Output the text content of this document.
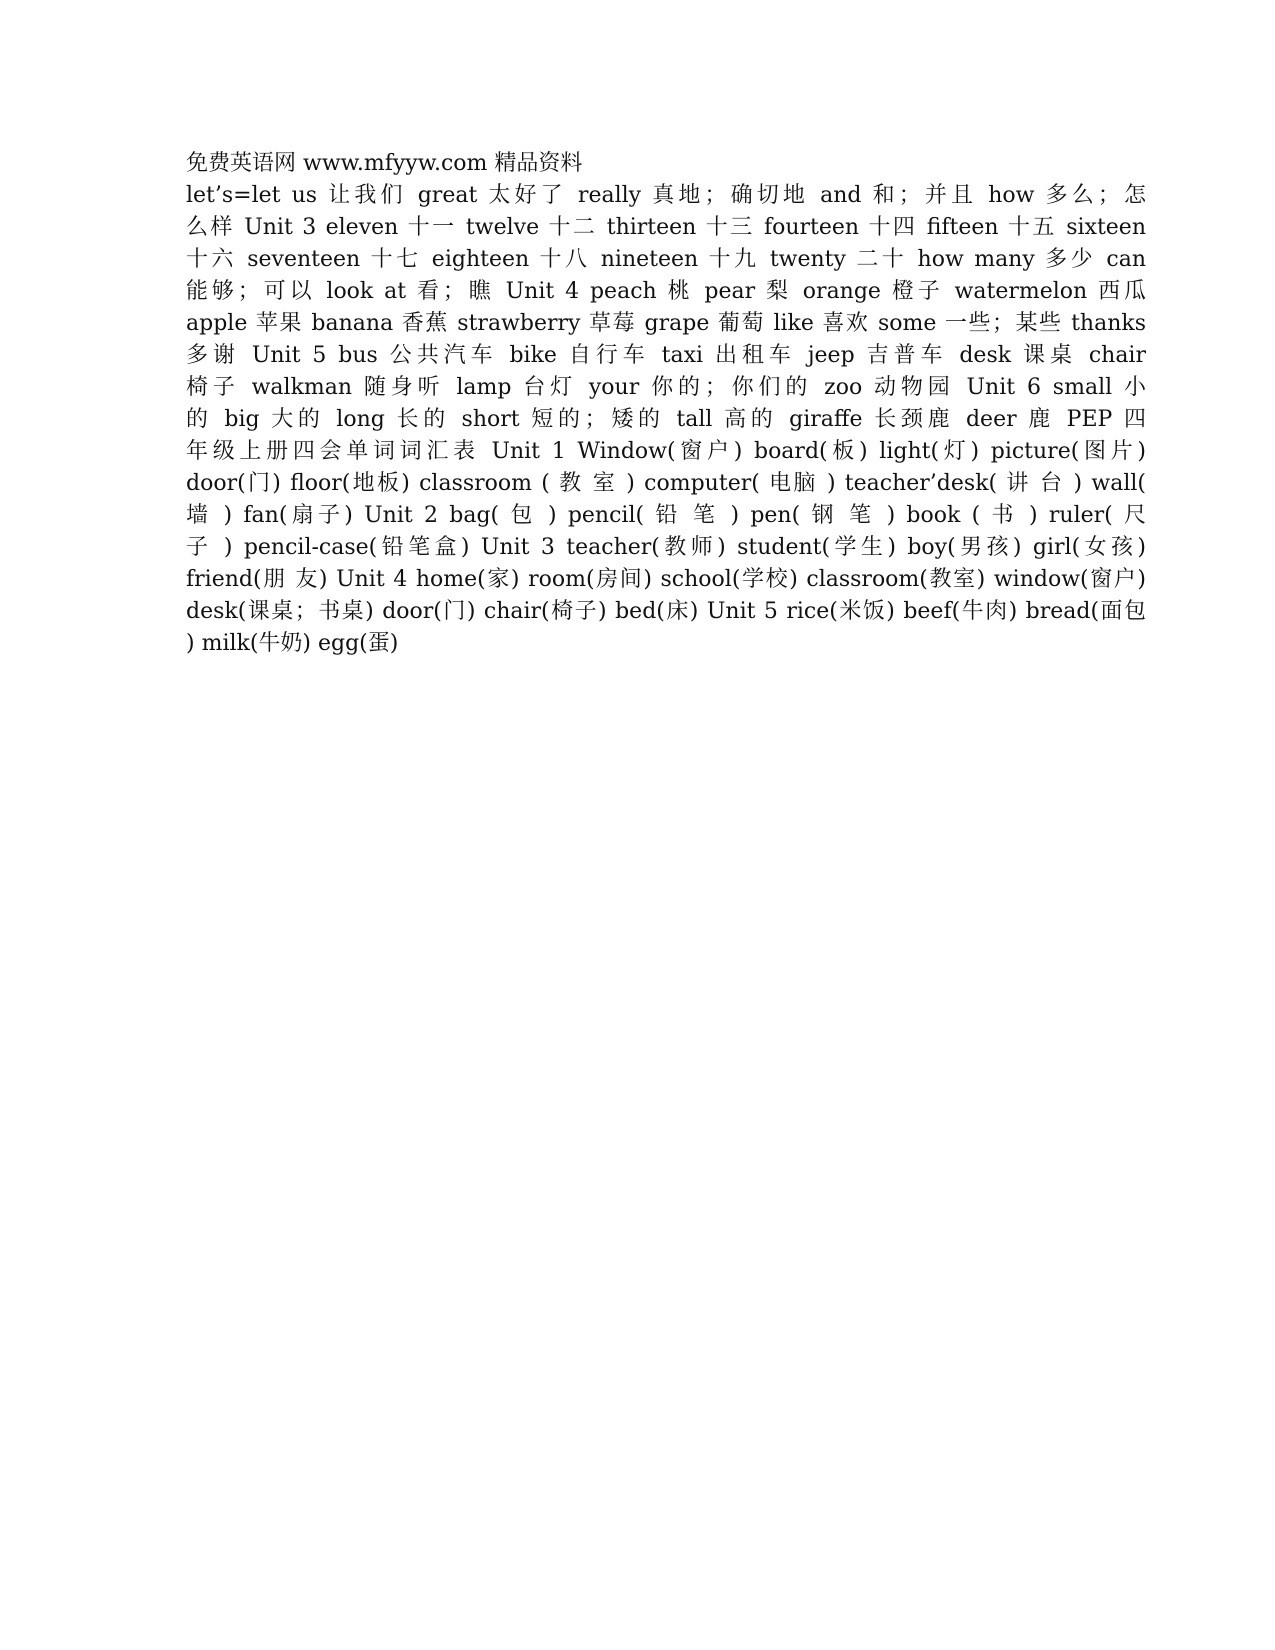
免费英语网 www.mfyyw.com 精品资料
let’s=let us 让我们 great 太好了 really 真地；确切地 and 和；并且 how 多么；怎
么样 Unit 3 eleven 十一 twelve 十二 thirteen 十三 fourteen 十四 fifteen 十五 sixteen
十六 seventeen 十七 eighteen 十八 nineteen 十九 twenty 二十 how many 多少 can
能够；可以 look at 看；瞧 Unit 4 peach 桃 pear 梨 orange 橙子 watermelon 西瓜
apple 苹果 banana 香蕉 strawberry 草莓 grape 葡萄 like 喜欢 some 一些；某些 thanks
多谢 Unit 5 bus 公共汽车 bike 自行车 taxi 出租车 jeep 吉普车 desk 课桌 chair
椅子 walkman 随身听 lamp 台灯 your 你的；你们的 zoo 动物园 Unit 6 small 小
的 big 大的 long 长的 short 短的；矮的 tall 高的 giraffe 长颈鹿 deer 鹿 PEP 四
年级上册四会单词词汇表 Unit 1 Window(窗户) board(板) light(灯) picture(图片)
door(门) floor(地板) classroom ( 教 室 ) computer( 电脑 ) teacher’desk( 讲 台 ) wall(
墙 ) fan(扇子) Unit 2 bag( 包 ) pencil( 铅 笔 ) pen( 钢 笔 ) book ( 书 ) ruler( 尺
子 ) pencil-case(铅笔盒) Unit 3 teacher(教师) student(学生) boy(男孩) girl(女孩)
friend(朋 友) Unit 4 home(家) room(房间) school(学校) classroom(教室) window(窗户)
desk(课桌；书桌) door(门) chair(椅子) bed(床) Unit 5 rice(米饭) beef(牛肉) bread(面包
) milk(牛奶) egg(蛋)
